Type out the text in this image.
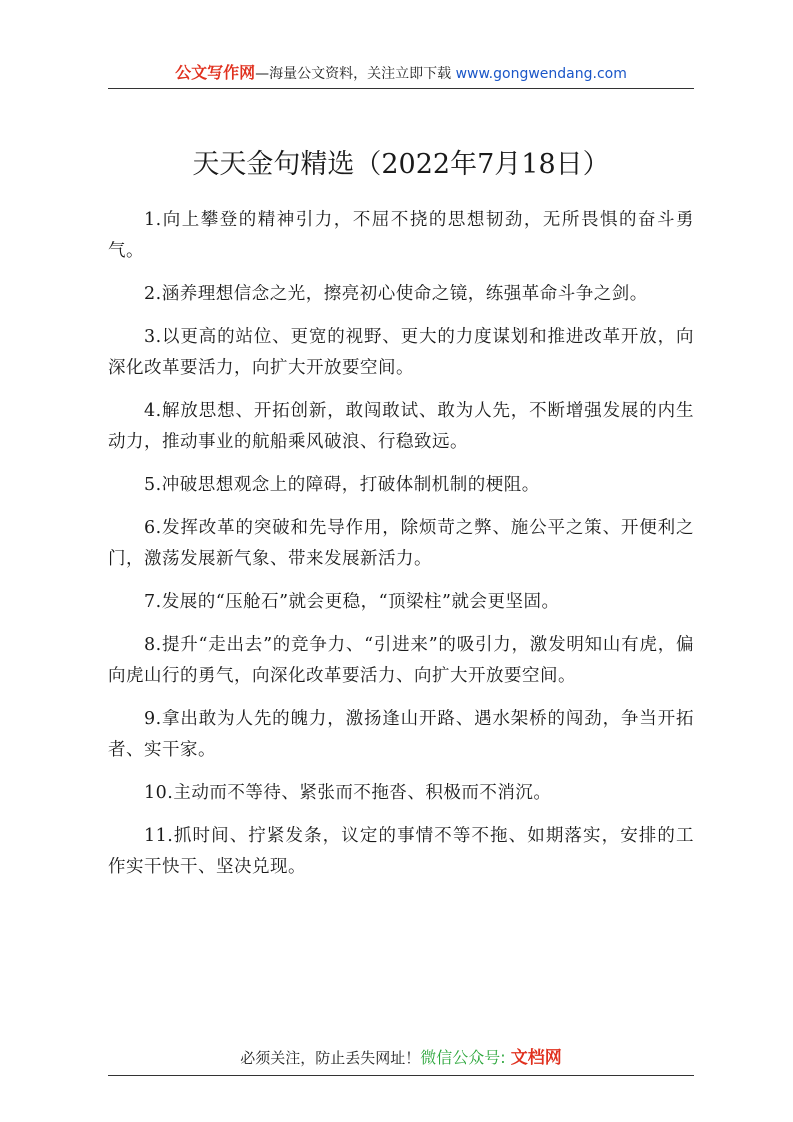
公文写作网—海量公文资料，关注立即下载 www.gongwendang.com
天天金句精选（2022年7月18日）

1.向上攀登的精神引力，不屈不挠的思想韧劲，无所畏惧的奋斗勇气。

2.涵养理想信念之光，擦亮初心使命之镜，练强革命斗争之剑。

3.以更高的站位、更宽的视野、更大的力度谋划和推进改革开放，向深化改革要活力，向扩大开放要空间。

4.解放思想、开拓创新，敢闯敢试、敢为人先，不断增强发展的内生动力，推动事业的航船乘风破浪、行稳致远。

5.冲破思想观念上的障碍，打破体制机制的梗阻。

6.发挥改革的突破和先导作用，除烦苛之弊、施公平之策、开便利之门，激荡发展新气象、带来发展新活力。

7.发展的“压舱石”就会更稳，“顶梁柱”就会更坚固。

8.提升“走出去”的竞争力、“引进来”的吸引力，激发明知山有虎，偏向虎山行的勇气，向深化改革要活力、向扩大开放要空间。

9.拿出敢为人先的魄力，激扬逢山开路、遇水架桥的闯劲，争当开拓者、实干家。

10.主动而不等待、紧张而不拖沓、积极而不消沉。

11.抓时间、拧紧发条，议定的事情不等不拖、如期落实，安排的工作实干快干、坚决兑现。

必须关注，防止丢失网址！微信公众号: 文档网
